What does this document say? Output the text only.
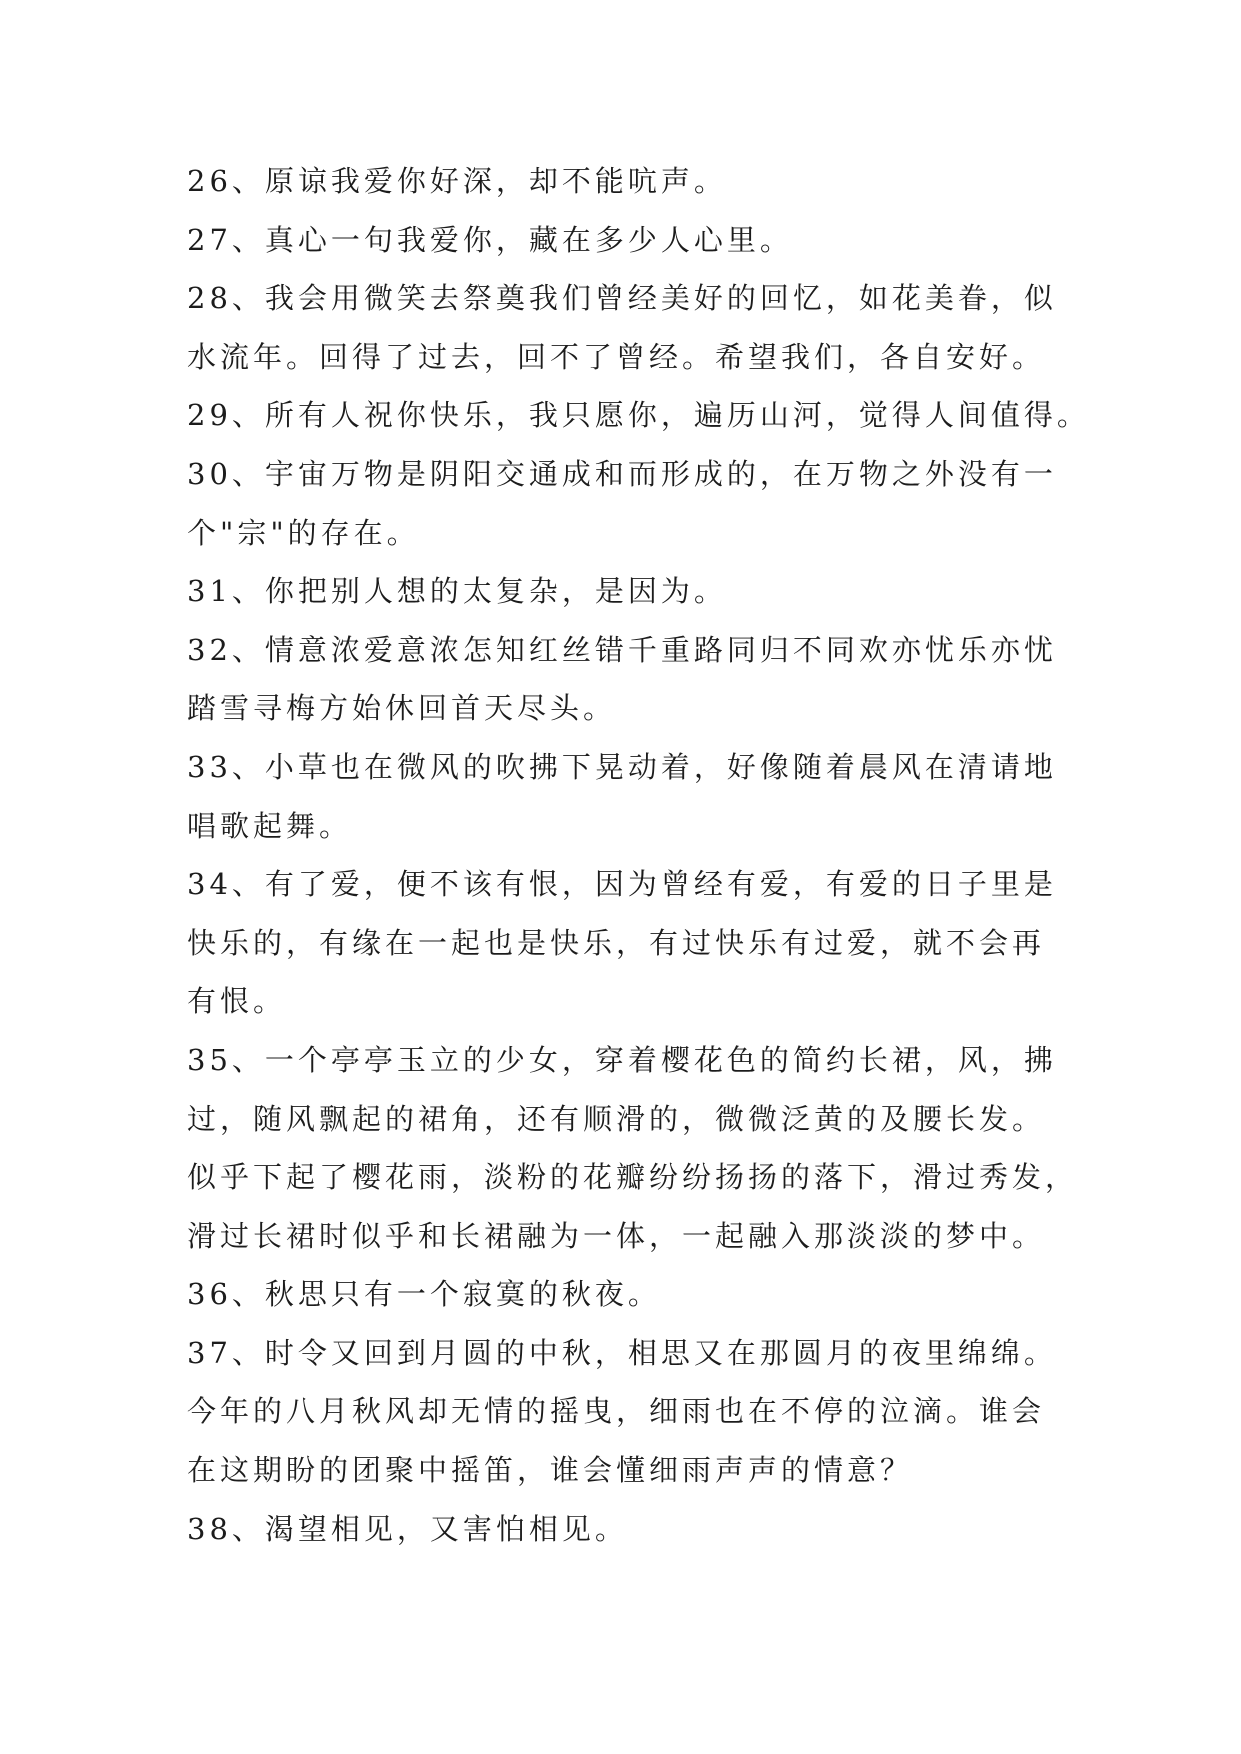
26、原谅我爱你好深，却不能吭声。
27、真心一句我爱你，藏在多少人心里。
28、我会用微笑去祭奠我们曾经美好的回忆，如花美眷，似
水流年。回得了过去，回不了曾经。希望我们，各自安好。
29、所有人祝你快乐，我只愿你，遍历山河，觉得人间值得。
30、宇宙万物是阴阳交通成和而形成的，在万物之外没有一
个"宗"的存在。
31、你把别人想的太复杂，是因为。
32、情意浓爱意浓怎知红丝错千重路同归不同欢亦忧乐亦忧
踏雪寻梅方始休回首天尽头。
33、小草也在微风的吹拂下晃动着，好像随着晨风在清请地
唱歌起舞。
34、有了爱，便不该有恨，因为曾经有爱，有爱的日子里是
快乐的，有缘在一起也是快乐，有过快乐有过爱，就不会再
有恨。
35、一个亭亭玉立的少女，穿着樱花色的简约长裙，风，拂
过，随风飘起的裙角，还有顺滑的，微微泛黄的及腰长发。
似乎下起了樱花雨，淡粉的花瓣纷纷扬扬的落下，滑过秀发，
滑过长裙时似乎和长裙融为一体，一起融入那淡淡的梦中。
36、秋思只有一个寂寞的秋夜。
37、时令又回到月圆的中秋，相思又在那圆月的夜里绵绵。
今年的八月秋风却无情的摇曳，细雨也在不停的泣滴。谁会
在这期盼的团聚中摇笛，谁会懂细雨声声的情意？
38、渴望相见，又害怕相见。
